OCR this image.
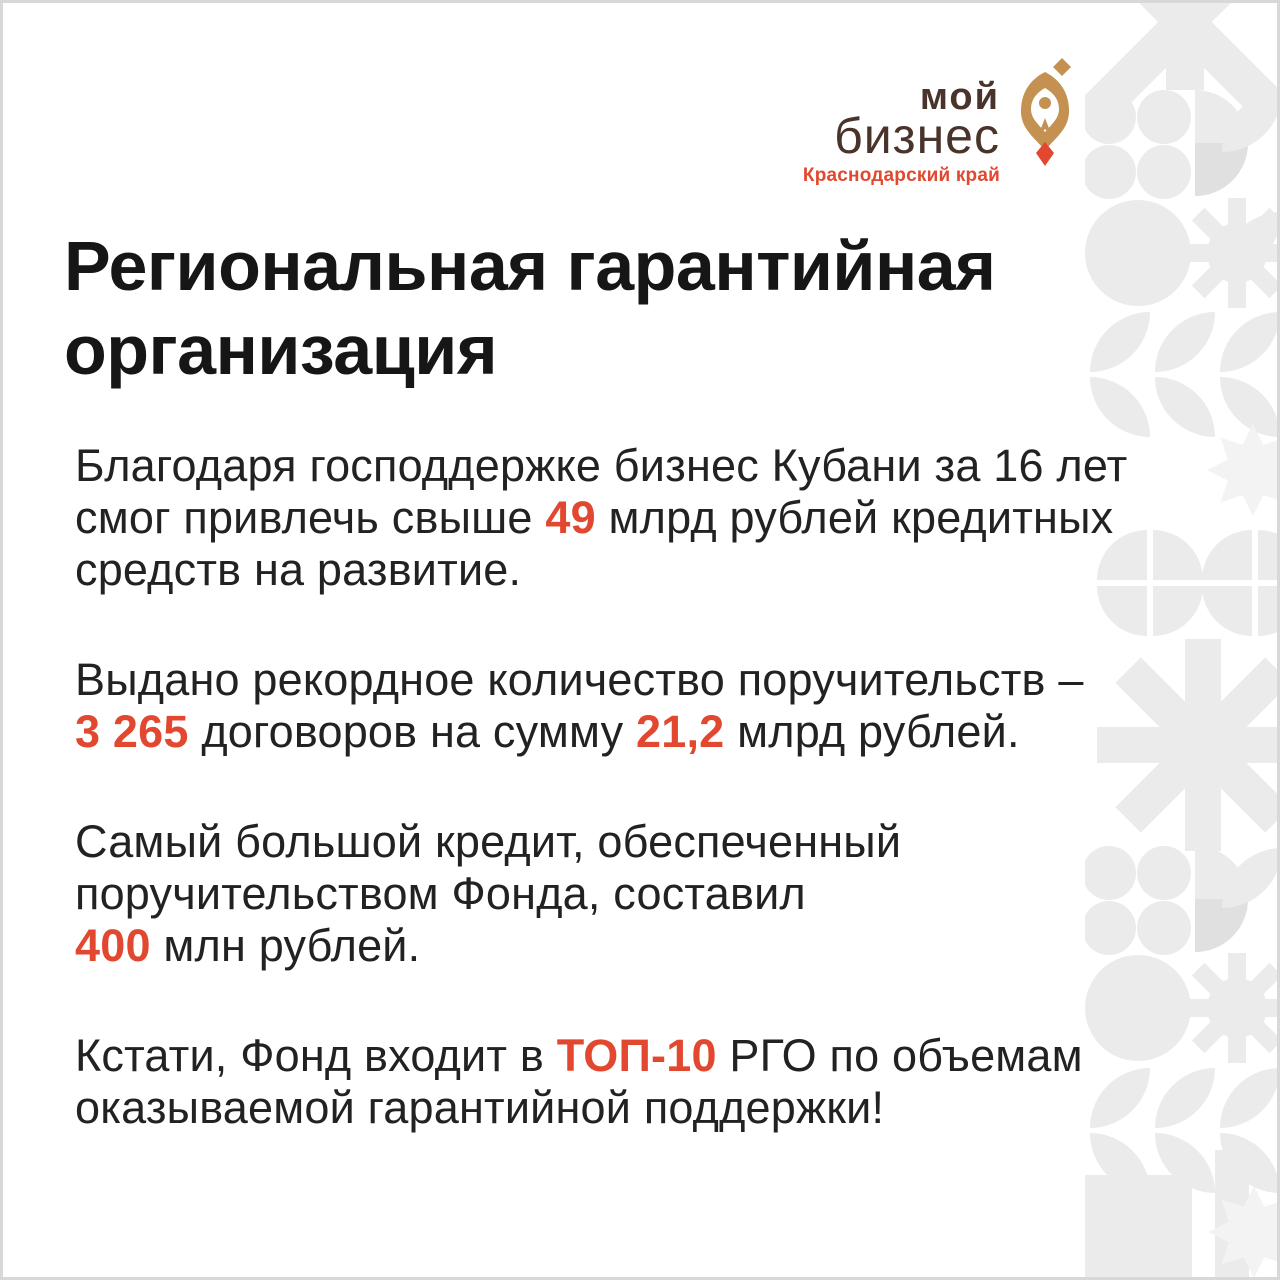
мой
бизнес
Краснодарский край
Региональная гарантийная
организация

Благодаря господдержке бизнес Кубани за 16 лет
смог привлечь свыше 49 млрд рублей кредитных
средств на развитие.

Выдано рекордное количество поручительств –
3 265 договоров на сумму 21,2 млрд рублей.

Самый большой кредит, обеспеченный
поручительством Фонда, составил
400 млн рублей.

Кстати, Фонд входит в ТОП-10 РГО по объемам
оказываемой гарантийной поддержки!
